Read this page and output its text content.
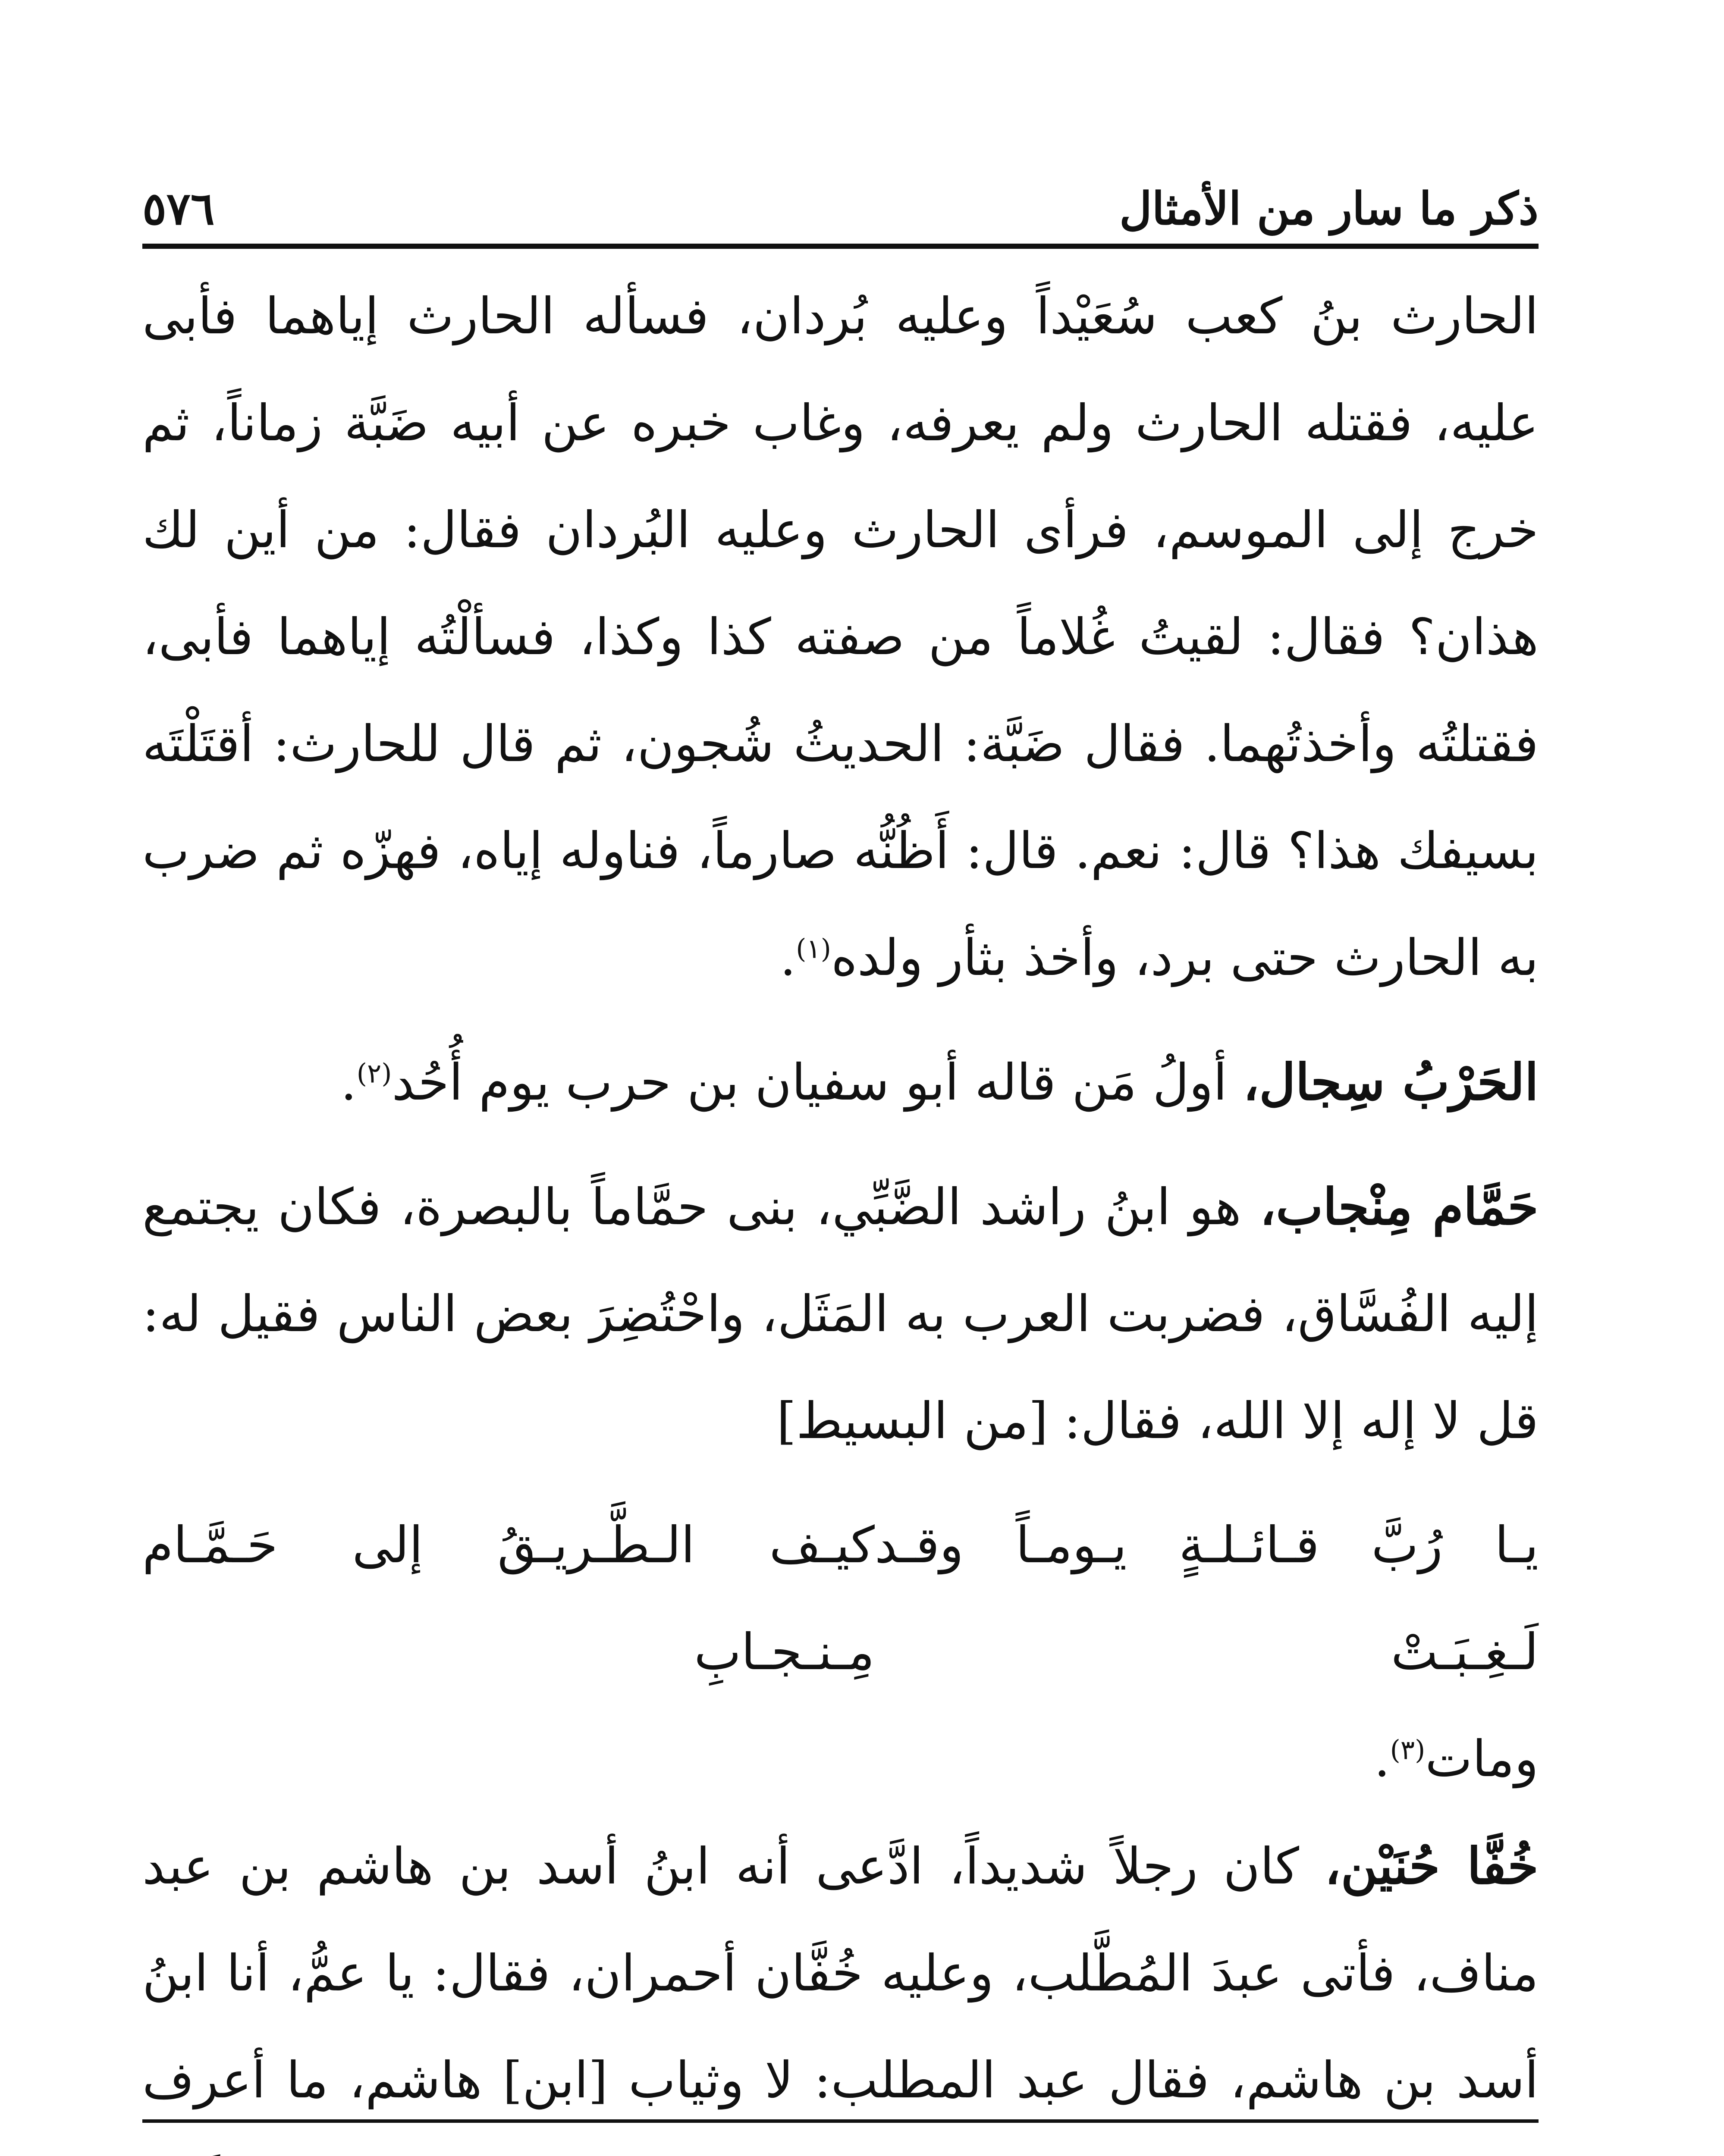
ذكر ما سار من الأمثال
٥٧٦

الحارث بنُ كعب سُعَيْداً وعليه بُردان، فسأله الحارث إياهما فأبى عليه، فقتله الحارث ولم يعرفه، وغاب خبره عن أبيه ضَبَّة زماناً، ثم خرج إلى الموسم، فرأى الحارث وعليه البُردان فقال: من أين لك هذان؟ فقال: لقيتُ غُلاماً من صفته كذا وكذا، فسألْتُه إياهما فأبى، فقتلتُه وأخذتُهما. فقال ضَبَّة: الحديثُ شُجون، ثم قال للحارث: أقتَلْتَه بسيفك هذا؟ قال: نعم. قال: أَظُنُّه صارماً، فناوله إياه، فهزّه ثم ضرب به الحارث حتى برد، وأخذ بثأر ولده$^{(١)}$.

الحَرْبُ سِجال، أولُ مَن قاله أبو سفيان بن حرب يوم أُحُد$^{(٢)}$.

حَمَّام مِنْجاب، هو ابنُ راشد الضَّبِّي، بنى حمَّاماً بالبصرة، فكان يجتمع إليه الفُسَّاق، فضربت العرب به المَثَل، واحْتُضِرَ بعض الناس فقيل له: قل لا إله إلا الله، فقال: [من البسيط]

يـا رُبَّ قـائـلـةٍ يـومـاً وقـد لَـغِـبَـتْ
كيـف الـطَّـريـقُ إلى حَـمَّـام مِـنـجـابِ
ومات$^{(٣)}$.

خُفَّا حُنَيْن، كان رجلاً شديداً، ادَّعى أنه ابنُ أسد بن هاشم بن عبد مناف، فأتى عبدَ المُطَّلب، وعليه خُفَّان أحمران، فقال: يا عمُّ، أنا ابنُ أسد بن هاشم، فقال عبد المطلب: لا وثياب [ابن] هاشم، ما أعرف
